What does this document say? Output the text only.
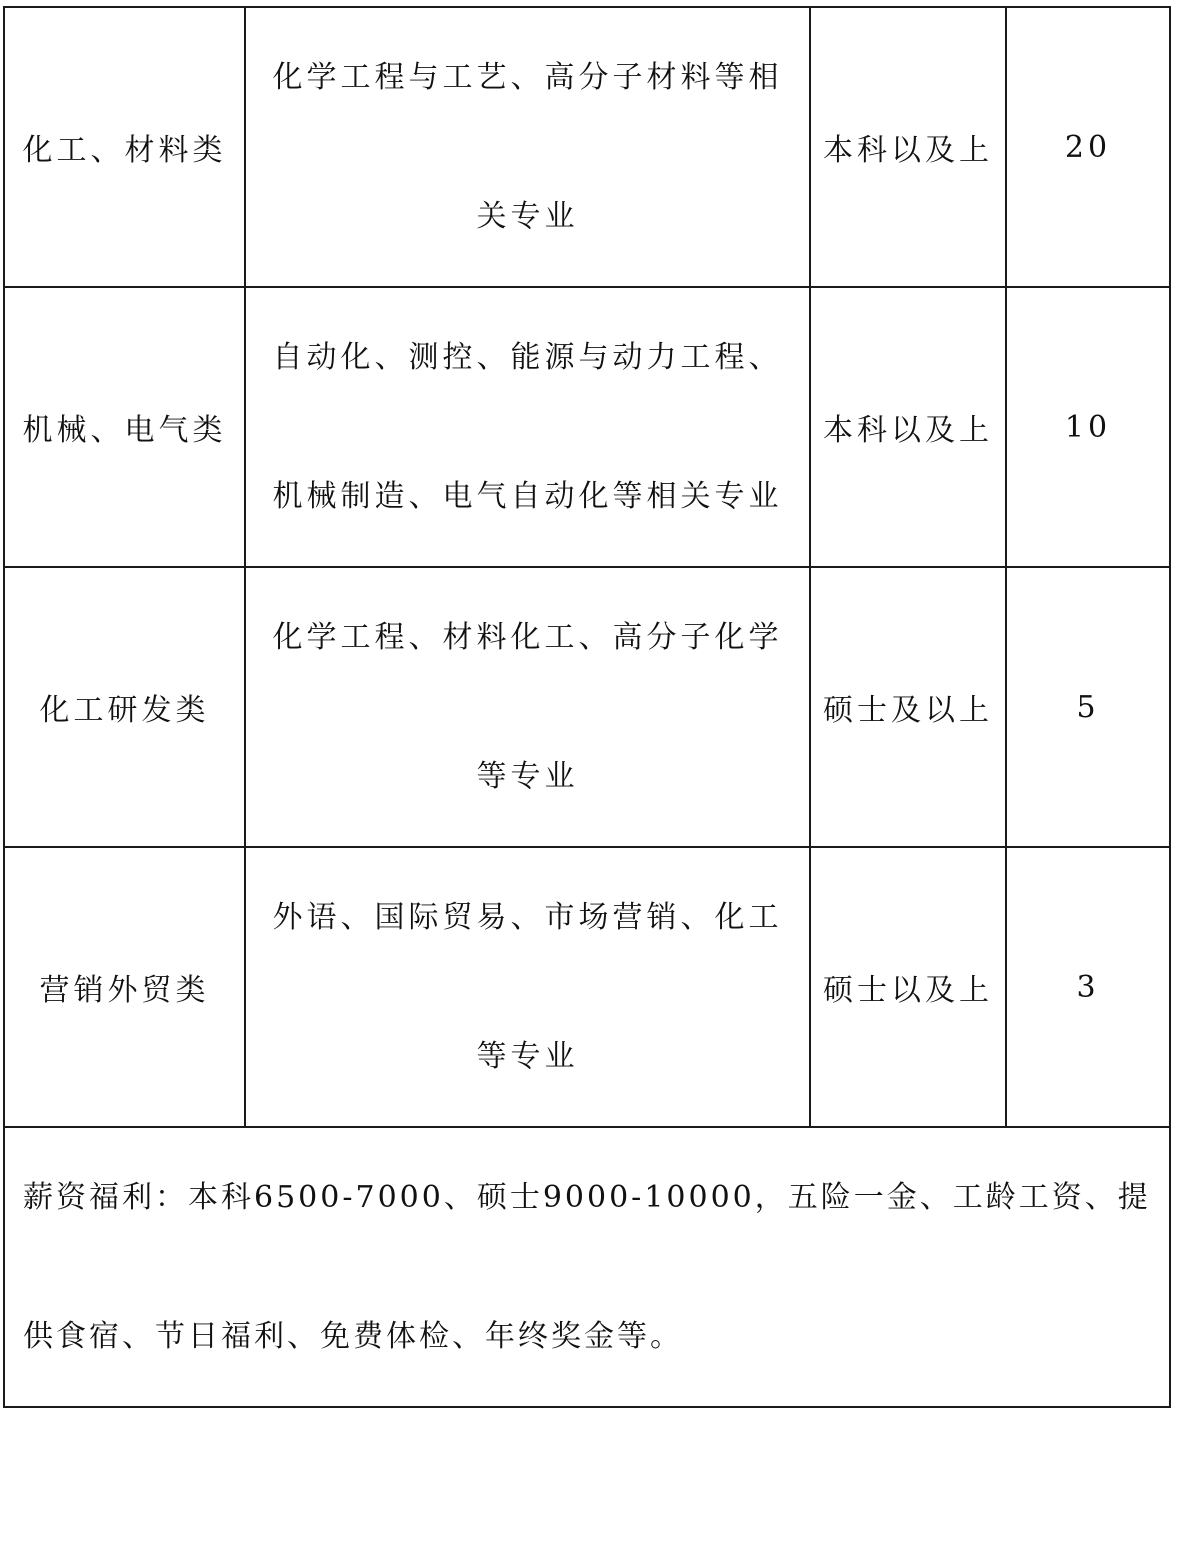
化工、材料类	化学工程与工艺、高分子材料等相关专业	本科以及上	20
机械、电气类	自动化、测控、能源与动力工程、机械制造、电气自动化等相关专业	本科以及上	10
化工研发类	化学工程、材料化工、高分子化学等专业	硕士及以上	5
营销外贸类	外语、国际贸易、市场营销、化工等专业	硕士以及上	3

薪资福利：本科6500-7000、硕士9000-10000，五险一金、工龄工资、提供食宿、节日福利、免费体检、年终奖金等。			
